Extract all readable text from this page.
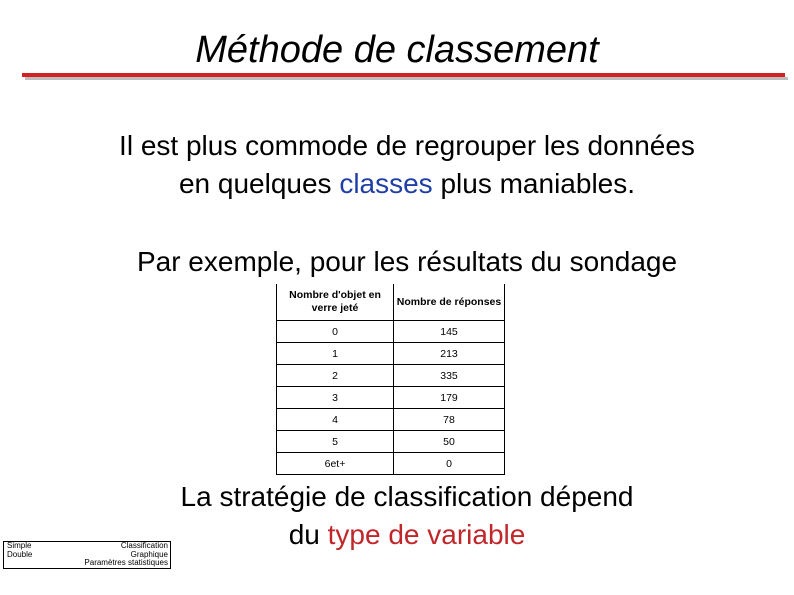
Méthode de classement

Il est plus commode de regrouper les données
en quelques classes plus maniables.

Par exemple, pour les résultats du sondage

Nombre d'objet en verre jeté	Nombre de réponses
0	145
1	213
2	335
3	179
4	78
5	50
6et+	0

La stratégie de classification dépend
du type de variable

Simple
Double
Classification
Graphique
Paramètres statistiques
